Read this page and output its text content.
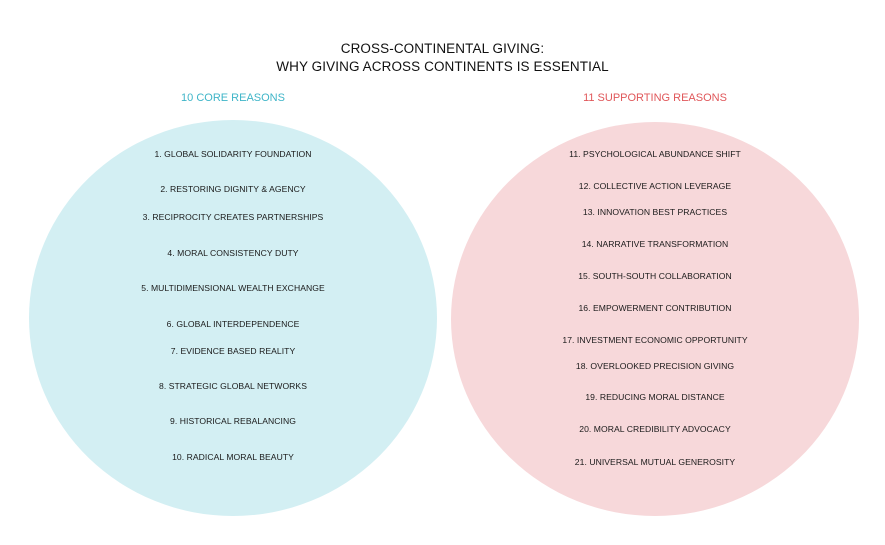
CROSS-CONTINENTAL GIVING:
WHY GIVING ACROSS CONTINENTS IS ESSENTIAL
10 CORE REASONS	11 SUPPORTING REASONS
1. GLOBAL SOLIDARITY FOUNDATION
2. RESTORING DIGNITY & AGENCY
3. RECIPROCITY CREATES PARTNERSHIPS
4. MORAL CONSISTENCY DUTY
5. MULTIDIMENSIONAL WEALTH EXCHANGE
6. GLOBAL INTERDEPENDENCE
7. EVIDENCE BASED REALITY
8. STRATEGIC GLOBAL NETWORKS
9. HISTORICAL REBALANCING
10. RADICAL MORAL BEAUTY
11. PSYCHOLOGICAL ABUNDANCE SHIFT
12. COLLECTIVE ACTION LEVERAGE
13. INNOVATION BEST PRACTICES
14. NARRATIVE TRANSFORMATION
15. SOUTH-SOUTH COLLABORATION
16. EMPOWERMENT CONTRIBUTION
17. INVESTMENT ECONOMIC OPPORTUNITY
18. OVERLOOKED PRECISION GIVING
19. REDUCING MORAL DISTANCE
20. MORAL CREDIBILITY ADVOCACY
21. UNIVERSAL MUTUAL GENEROSITY
